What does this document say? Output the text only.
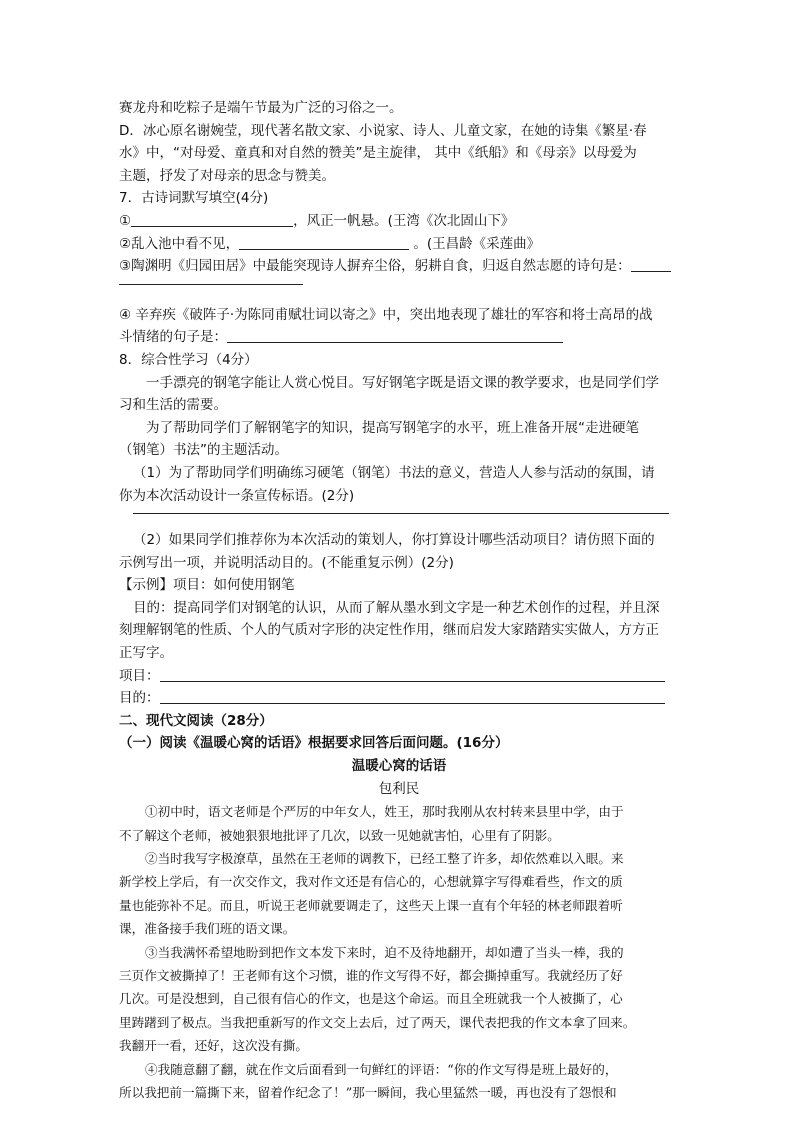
赛龙舟和吃粽子是端午节最为广泛的习俗之一。
D．冰心原名谢婉莹，现代著名散文家、小说家、诗人、儿童文家，在她的诗集《繁星·春
水》中，“对母爱、童真和对自然的赞美”是主旋律， 其中《纸船》和《母亲》以母爱为
主题，抒发了对母亲的思念与赞美。
7．古诗词默写填空(4分)
①	，风正一帆悬。(王湾《次北固山下》
②乱入池中看不见，	。(王昌龄《采莲曲》
③陶渊明《归园田居》中最能突现诗人摒弃尘俗，躬耕自食，归返自然志愿的诗句是：
④ 辛弃疾《破阵子·为陈同甫赋壮词以寄之》中，突出地表现了雄壮的军容和将士高昂的战
斗情绪的句子是：
8．综合性学习（4分）
一手漂亮的钢笔字能让人赏心悦目。写好钢笔字既是语文课的教学要求，也是同学们学
习和生活的需要。
为了帮助同学们了解钢笔字的知识，提高写钢笔字的水平，班上准备开展“走进硬笔
（钢笔）书法”的主题活动。
（1）为了帮助同学们明确练习硬笔（钢笔）书法的意义，营造人人参与活动的氛围，请
你为本次活动设计一条宣传标语。(2分)
（2）如果同学们推荐你为本次活动的策划人，你打算设计哪些活动项目？请仿照下面的
示例写出一项，并说明活动目的。(不能重复示例）(2分)
【示例】项目：如何使用钢笔
目的：提高同学们对钢笔的认识，从而了解从墨水到文字是一种艺术创作的过程，并且深
刻理解钢笔的性质、个人的气质对字形的决定性作用，继而启发大家踏踏实实做人，方方正
正写字。
项目：
目的：
二、现代文阅读（28分）
（一）阅读《温暖心窝的话语》根据要求回答后面问题。(16分）
温暖心窝的话语
包利民
①初中时，语文老师是个严厉的中年女人，姓王，那时我刚从农村转来县里中学，由于
不了解这个老师，被她狠狠地批评了几次，以致一见她就害怕，心里有了阴影。
②当时我写字极潦草，虽然在王老师的调教下，已经工整了许多，却依然难以入眼。来
新学校上学后，有一次交作文，我对作文还是有信心的，心想就算字写得难看些，作文的质
量也能弥补不足。而且，听说王老师就要调走了，这些天上课一直有个年轻的林老师跟着听
课，准备接手我们班的语文课。
③当我满怀希望地盼到把作文本发下来时，迫不及待地翻开，却如遭了当头一棒，我的
三页作文被撕掉了！王老师有这个习惯，谁的作文写得不好，都会撕掉重写。我就经历了好
几次。可是没想到，自己很有信心的作文，也是这个命运。而且全班就我一个人被撕了，心
里踌躇到了极点。当我把重新写的作文交上去后，过了两天，课代表把我的作文本拿了回来。
我翻开一看，还好，这次没有撕。
④我随意翻了翻，就在作文后面看到一句鲜红的评语：“你的作文写得是班上最好的，
所以我把前一篇撕下来，留着作纪念了！”那一瞬间，我心里猛然一暖，再也没有了怨恨和
